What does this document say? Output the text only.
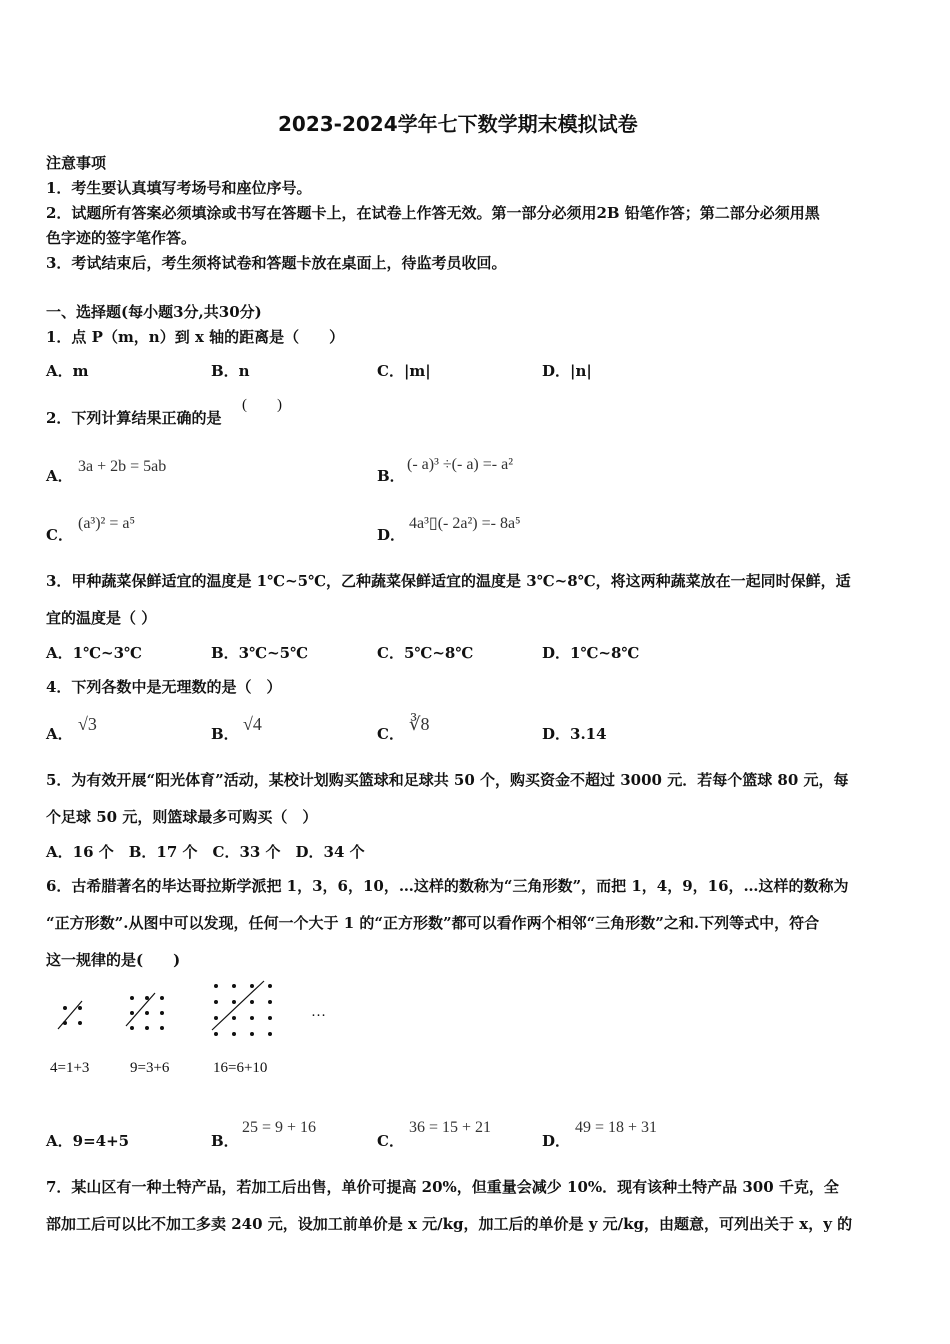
2023-2024学年七下数学期末模拟试卷
注意事项
1．考生要认真填写考场号和座位序号。
2．试题所有答案必须填涂或书写在答题卡上，在试卷上作答无效。第一部分必须用2B 铅笔作答；第二部分必须用黑
色字迹的签字笔作答。
3．考试结束后，考生须将试卷和答题卡放在桌面上，待监考员收回。
一、选择题(每小题3分,共30分)
1．点 P（m，n）到 x 轴的距离是（　　）
A．m	B．n	C．|m|	D．|n|
2．下列计算结果正确的是
(　　)
A．
3a + 2b = 5ab
B．
(- a)³ ÷(- a) =- a²
C．
(a³)² = a⁵
D．
4a³▯(- 2a²) =- 8a⁵
3．甲种蔬菜保鲜适宜的温度是 1℃~5℃，乙种蔬菜保鲜适宜的温度是 3℃~8℃，将这两种蔬菜放在一起同时保鲜，适
宜的温度是（ ）
A．1℃~3℃	B．3℃~5℃	C．5℃~8℃	D．1℃~8℃
4．下列各数中是无理数的是（　）
A． √3	B． √4	C． ∛8	D．3.14
5．为有效开展“阳光体育”活动，某校计划购买篮球和足球共 50 个，购买资金不超过 3000 元．若每个篮球 80 元，每
个足球 50 元，则篮球最多可购买（　）
A．16 个　B．17 个　C．33 个　D．34 个
6．古希腊著名的毕达哥拉斯学派把 1，3，6，10，…这样的数称为“三角形数”，而把 1，4，9，16，…这样的数称为
“正方形数”.从图中可以发现，任何一个大于 1 的“正方形数”都可以看作两个相邻“三角形数”之和.下列等式中，符合
这一规律的是(　　)
…
4=1+3	9=3+6	16=6+10
A．9=4+5	B．
25 = 9 + 16
C．
36 = 15 + 21
D．
49 = 18 + 31
7．某山区有一种土特产品，若加工后出售，单价可提高 20%，但重量会减少 10%．现有该种土特产品 300 千克，全
部加工后可以比不加工多卖 240 元，设加工前单价是 x 元/kg，加工后的单价是 y 元/kg，由题意，可列出关于 x，y 的
